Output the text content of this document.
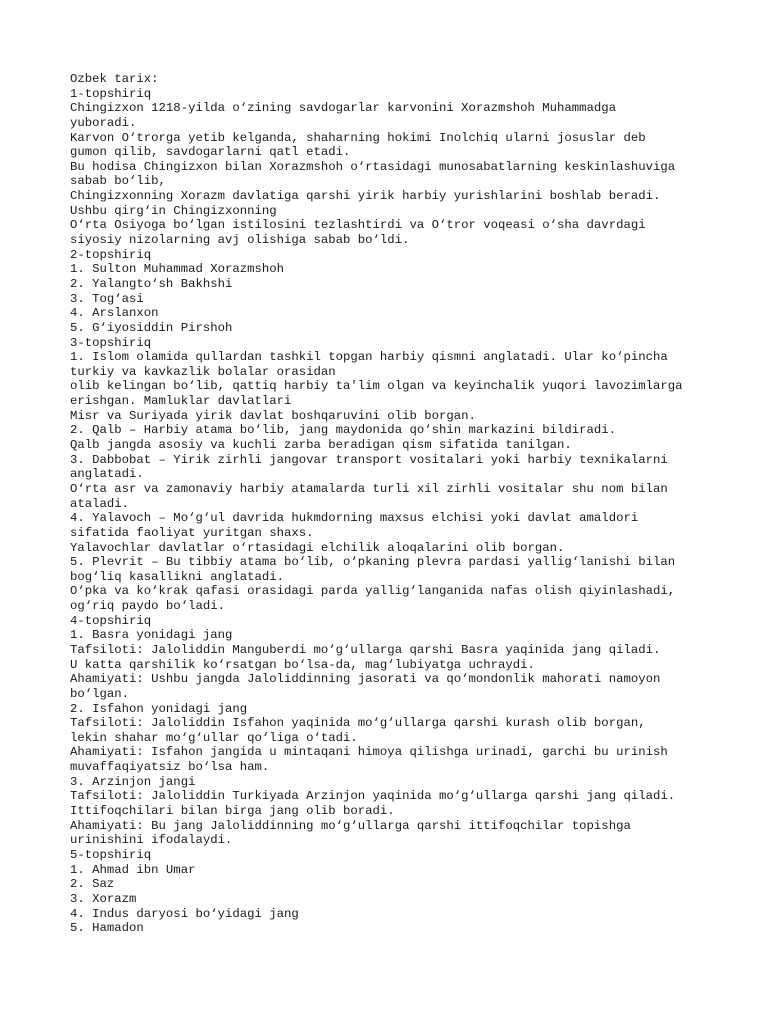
Ozbek tarix:
1-topshiriq
Chingizxon 1218-yilda o‘zining savdogarlar karvonini Xorazmshoh Muhammadga
yuboradi.
Karvon O‘trorga yetib kelganda, shaharning hokimi Inolchiq ularni josuslar deb
gumon qilib, savdogarlarni qatl etadi.
Bu hodisa Chingizxon bilan Xorazmshoh o‘rtasidagi munosabatlarning keskinlashuviga
sabab bo‘lib,
Chingizxonning Xorazm davlatiga qarshi yirik harbiy yurishlarini boshlab beradi.
Ushbu qirg‘in Chingizxonning
O‘rta Osiyoga bo‘lgan istilosini tezlashtirdi va O‘tror voqeasi o‘sha davrdagi
siyosiy nizolarning avj olishiga sabab bo‘ldi.
2-topshiriq
1. Sulton Muhammad Xorazmshoh
2. Yalangto‘sh Bakhshi
3. Tog‘asi
4. Arslanxon
5. G‘iyosiddin Pirshoh
3-topshiriq
1. Islom olamida qullardan tashkil topgan harbiy qismni anglatadi. Ular ko‘pincha
turkiy va kavkazlik bolalar orasidan
olib kelingan bo‘lib, qattiq harbiy ta'lim olgan va keyinchalik yuqori lavozimlarga
erishgan. Mamluklar davlatlari
Misr va Suriyada yirik davlat boshqaruvini olib borgan.
2. Qalb – Harbiy atama bo‘lib, jang maydonida qo‘shin markazini bildiradi.
Qalb jangda asosiy va kuchli zarba beradigan qism sifatida tanilgan.
3. Dabbobat – Yirik zirhli jangovar transport vositalari yoki harbiy texnikalarni
anglatadi.
O‘rta asr va zamonaviy harbiy atamalarda turli xil zirhli vositalar shu nom bilan
ataladi.
4. Yalavoch – Mo‘g‘ul davrida hukmdorning maxsus elchisi yoki davlat amaldori
sifatida faoliyat yuritgan shaxs.
Yalavochlar davlatlar o‘rtasidagi elchilik aloqalarini olib borgan.
5. Plevrit – Bu tibbiy atama bo‘lib, o‘pkaning plevra pardasi yallig‘lanishi bilan
bog‘liq kasallikni anglatadi.
O‘pka va ko‘krak qafasi orasidagi parda yallig‘langanida nafas olish qiyinlashadi,
og‘riq paydo bo‘ladi.
4-topshiriq
1. Basra yonidagi jang
Tafsiloti: Jaloliddin Manguberdi mo‘g‘ullarga qarshi Basra yaqinida jang qiladi.
U katta qarshilik ko‘rsatgan bo‘lsa-da, mag‘lubiyatga uchraydi.
Ahamiyati: Ushbu jangda Jaloliddinning jasorati va qo‘mondonlik mahorati namoyon
bo‘lgan.
2. Isfahon yonidagi jang
Tafsiloti: Jaloliddin Isfahon yaqinida mo‘g‘ullarga qarshi kurash olib borgan,
lekin shahar mo‘g‘ullar qo‘liga o‘tadi.
Ahamiyati: Isfahon jangida u mintaqani himoya qilishga urinadi, garchi bu urinish
muvaffaqiyatsiz bo‘lsa ham.
3. Arzinjon jangi
Tafsiloti: Jaloliddin Turkiyada Arzinjon yaqinida mo‘g‘ullarga qarshi jang qiladi.
Ittifoqchilari bilan birga jang olib boradi.
Ahamiyati: Bu jang Jaloliddinning mo‘g‘ullarga qarshi ittifoqchilar topishga
urinishini ifodalaydi.
5-topshiriq
1. Ahmad ibn Umar
2. Saz
3. Xorazm
4. Indus daryosi bo‘yidagi jang
5. Hamadon
